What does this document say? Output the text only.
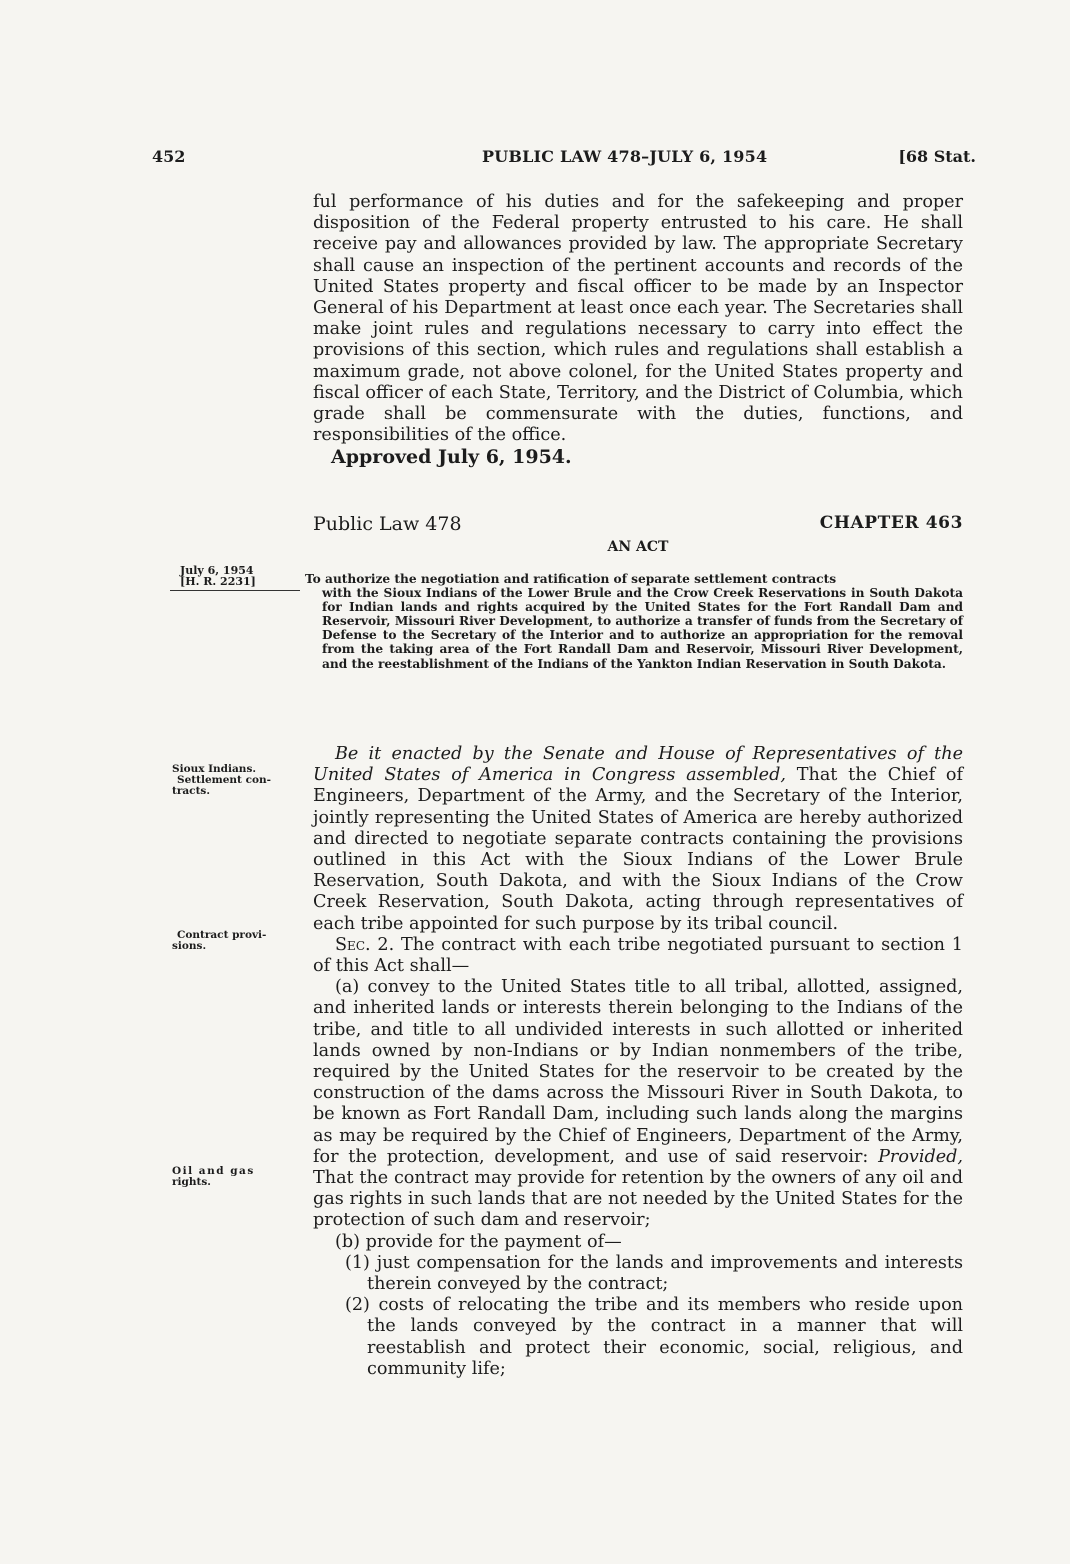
452	PUBLIC LAW 478–JULY 6, 1954	[68 Stat.

ful performance of his duties and for the safekeeping and proper disposition of the Federal property entrusted to his care. He shall receive pay and allowances provided by law. The appropriate Secretary shall cause an inspection of the pertinent accounts and records of the United States property and fiscal officer to be made by an Inspector General of his Department at least once each year. The Secretaries shall make joint rules and regulations necessary to carry into effect the provisions of this section, which rules and regulations shall establish a maximum grade, not above colonel, for the United States property and fiscal officer of each State, Territory, and the District of Columbia, which grade shall be commensurate with the duties, functions, and responsibilities of the office.

Approved July 6, 1954.
Public Law 478	CHAPTER 463
AN ACT
July 6, 1954
[H. R. 2231]	To authorize the negotiation and ratification of separate settlement contracts
with the Sioux Indians of the Lower Brule and the Crow Creek Reservations in South Dakota for Indian lands and rights acquired by the United States for the Fort Randall Dam and Reservoir, Missouri River Development, to authorize a transfer of funds from the Secretary of Defense to the Secretary of the Interior and to authorize an appropriation for the removal from the taking area of the Fort Randall Dam and Reservoir, Missouri River Development, and the reestablishment of the Indians of the Yankton Indian Reservation in South Dakota.
Sioux Indians.
Settlement con-
tracts.
Contract provi-
sions.
Oil and gas
rights.

Be it enacted by the Senate and House of Representatives of the United States of America in Congress assembled, That the Chief of Engineers, Department of the Army, and the Secretary of the Interior, jointly representing the United States of America are hereby authorized and directed to negotiate separate contracts containing the provisions outlined in this Act with the Sioux Indians of the Lower Brule Reservation, South Dakota, and with the Sioux Indians of the Crow Creek Reservation, South Dakota, acting through representatives of each tribe appointed for such purpose by its tribal council.

Sec. 2. The contract with each tribe negotiated pursuant to section 1 of this Act shall—

(a) convey to the United States title to all tribal, allotted, assigned, and inherited lands or interests therein belonging to the Indians of the tribe, and title to all undivided interests in such allotted or inherited lands owned by non-Indians or by Indian nonmembers of the tribe, required by the United States for the reservoir to be created by the construction of the dams across the Missouri River in South Dakota, to be known as Fort Randall Dam, including such lands along the margins as may be required by the Chief of Engineers, Department of the Army, for the protection, development, and use of said reservoir: Provided, That the contract may provide for retention by the owners of any oil and gas rights in such lands that are not needed by the United States for the protection of such dam and reservoir;

(b) provide for the payment of—

(1) just compensation for the lands and improvements and interests therein conveyed by the contract;

(2) costs of relocating the tribe and its members who reside upon the lands conveyed by the contract in a manner that will reestablish and protect their economic, social, religious, and community life;
